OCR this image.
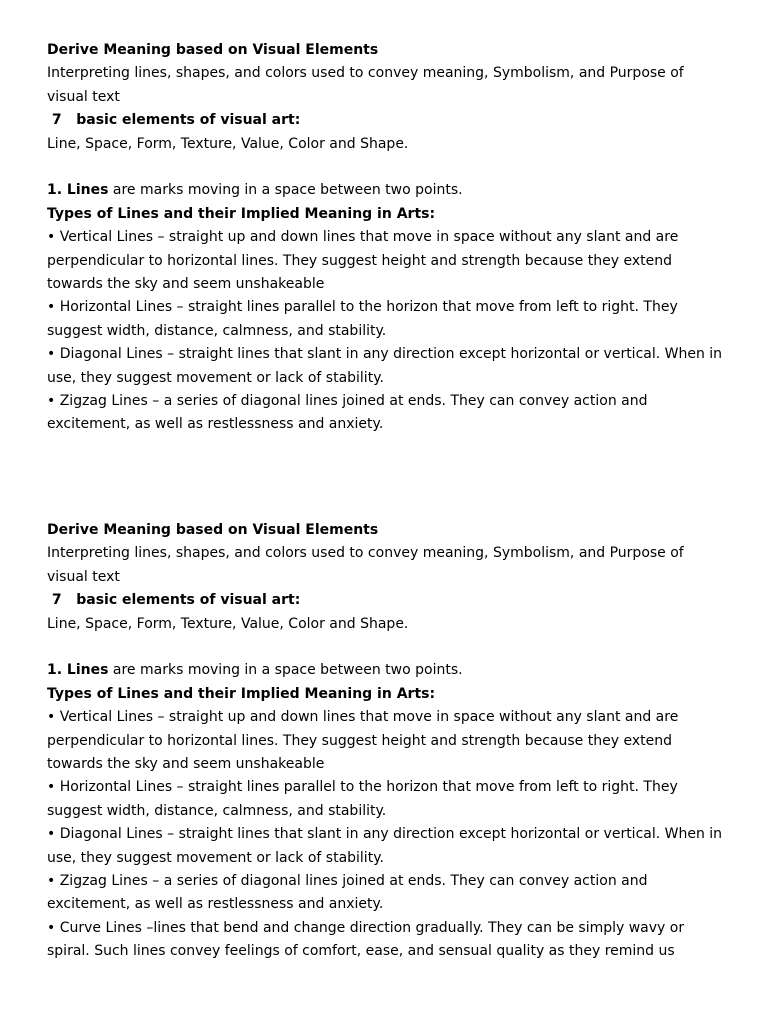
Derive Meaning based on Visual Elements

Interpreting lines, shapes, and colors used to convey meaning, Symbolism, and Purpose of visual text

7   basic elements of visual art:

Line, Space, Form, Texture, Value, Color and Shape.

1. Lines are marks moving in a space between two points.

Types of Lines and their Implied Meaning in Arts:

• Vertical Lines – straight up and down lines that move in space without any slant and are perpendicular to horizontal lines. They suggest height and strength because they extend towards the sky and seem unshakeable

• Horizontal Lines – straight lines parallel to the horizon that move from left to right. They suggest width, distance, calmness, and stability.

• Diagonal Lines – straight lines that slant in any direction except horizontal or vertical. When in use, they suggest movement or lack of stability.

• Zigzag Lines – a series of diagonal lines joined at ends. They can convey action and excitement, as well as restlessness and anxiety.

Derive Meaning based on Visual Elements

Interpreting lines, shapes, and colors used to convey meaning, Symbolism, and Purpose of visual text

7   basic elements of visual art:

Line, Space, Form, Texture, Value, Color and Shape.

1. Lines are marks moving in a space between two points.

Types of Lines and their Implied Meaning in Arts:

• Vertical Lines – straight up and down lines that move in space without any slant and are perpendicular to horizontal lines. They suggest height and strength because they extend towards the sky and seem unshakeable

• Horizontal Lines – straight lines parallel to the horizon that move from left to right. They suggest width, distance, calmness, and stability.

• Diagonal Lines – straight lines that slant in any direction except horizontal or vertical. When in use, they suggest movement or lack of stability.

• Zigzag Lines – a series of diagonal lines joined at ends. They can convey action and excitement, as well as restlessness and anxiety.

• Curve Lines –lines that bend and change direction gradually. They can be simply wavy or spiral. Such lines convey feelings of comfort, ease, and sensual quality as they remind us
